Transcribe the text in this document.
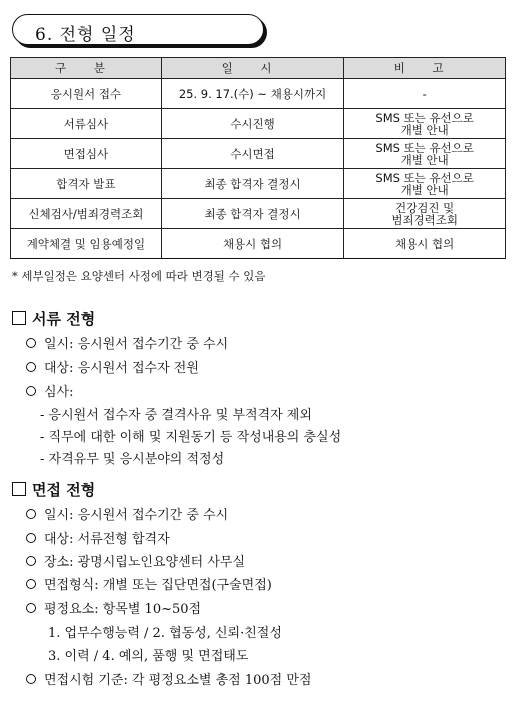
6. 전형 일정
구 분	일 시	비 고
응시원서 접수	25. 9. 17.(수) ~ 채용시까지	-
서류심사	수시진행	SMS 또는 유선으로
개별 안내
면접심사	수시면접	SMS 또는 유선으로
개별 안내
합격자 발표	최종 합격자 결정시	SMS 또는 유선으로
개별 안내
신체검사/범죄경력조회	최종 합격자 결정시	건강검진 및
범죄경력조회
계약체결 및 임용예정일	채용시 협의	채용시 협의
* 세부일정은 요양센터 사정에 따라 변경될 수 있음
서류 전형
일시: 응시원서 접수기간 중 수시
대상: 응시원서 접수자 전원
심사:
- 응시원서 접수자 중 결격사유 및 부적격자 제외
- 직무에 대한 이해 및 지원동기 등 작성내용의 충실성
- 자격유무 및 응시분야의 적정성
면접 전형
일시: 응시원서 접수기간 중 수시
대상: 서류전형 합격자
장소: 광명시립노인요양센터 사무실
면접형식: 개별 또는 집단면접(구술면접)
평정요소: 항목별 10~50점
1. 업무수행능력 / 2. 협동성, 신뢰·친절성
3. 이력 / 4. 예의, 품행 및 면접태도
면접시험 기준: 각 평정요소별 총점 100점 만점
